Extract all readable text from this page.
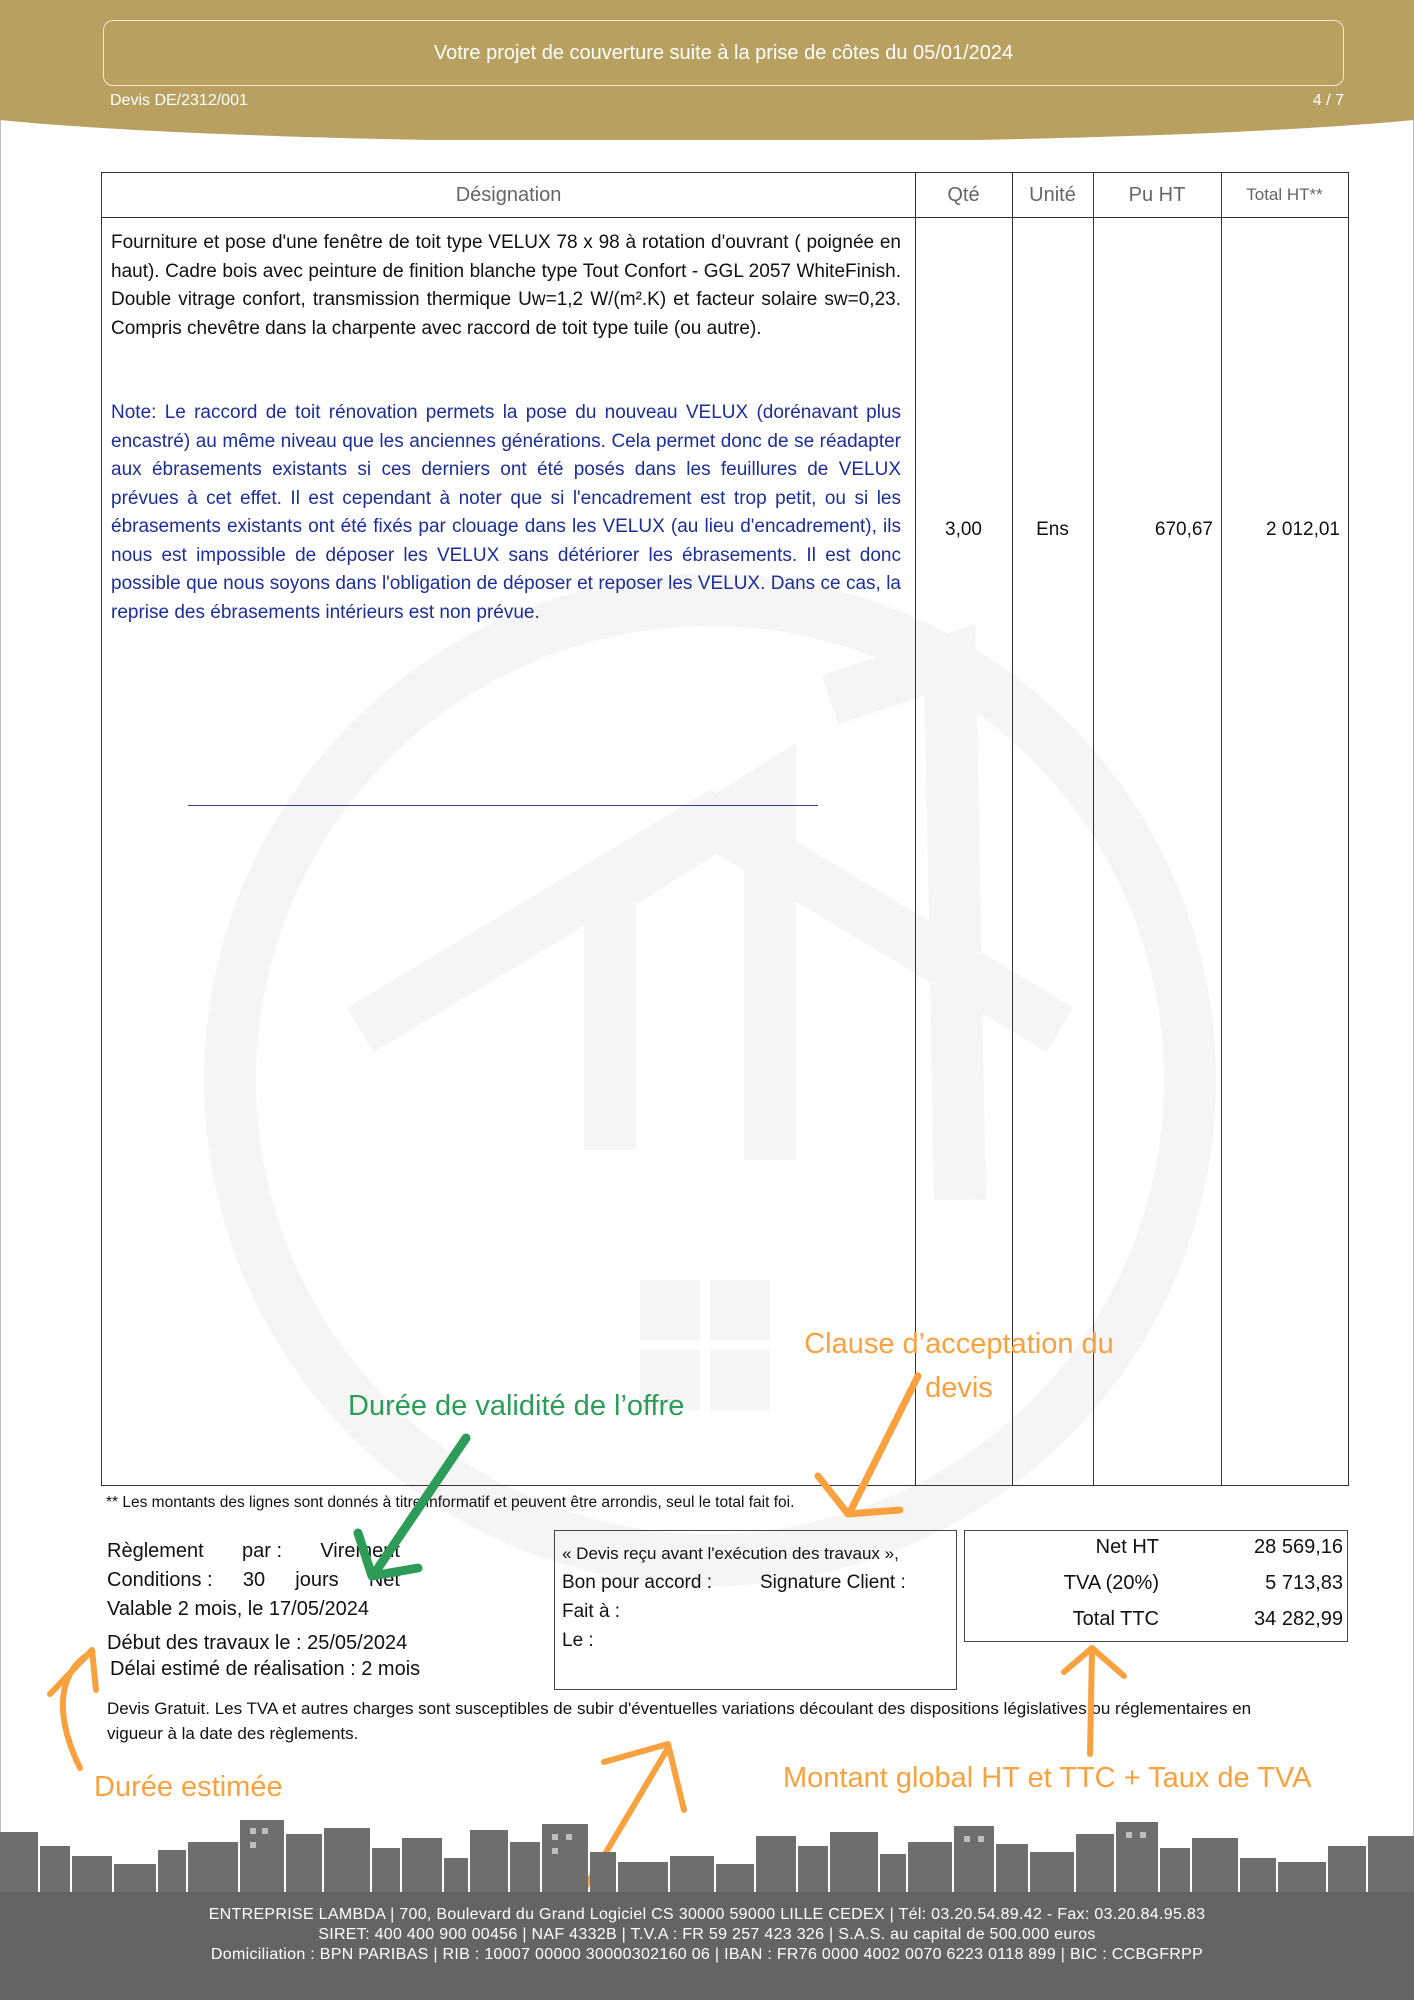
Votre projet de couverture suite à la prise de côtes du 05/01/2024
Devis DE/2312/001	4 / 7
Désignation	Qté	Unité	Pu HT	Total HT**
Fourniture et pose d'une fenêtre de toit type VELUX 78 x 98 à rotation d'ouvrant ( poignée en haut). Cadre bois avec peinture de finition blanche type Tout Confort - GGL 2057 WhiteFinish. Double vitrage confort, transmission thermique Uw=1,2 W/(m².K) et facteur solaire sw=0,23. Compris chevêtre dans la charpente avec raccord de toit type tuile (ou autre).
Note: Le raccord de toit rénovation permets la pose du nouveau VELUX (dorénavant plus encastré) au même niveau que les anciennes générations. Cela permet donc de se réadapter aux ébrasements existants si ces derniers ont été posés dans les feuillures de VELUX prévues à cet effet. Il est cependant à noter que si l'encadrement est trop petit, ou si les ébrasements existants ont été fixés par clouage dans les VELUX (au lieu d'encadrement), ils nous est impossible de déposer les VELUX sans détériorer les ébrasements. Il est donc possible que nous soyons dans l'obligation de déposer et reposer les VELUX. Dans ce cas, la reprise des ébrasements intérieurs est non prévue.
3,00	Ens	670,67	2 012,01
** Les montants des lignes sont donnés à titre informatif et peuvent être arrondis, seul le total fait foi.
Règlement par : Virement
Conditions : 30 jours Net
Valable 2 mois, le 17/05/2024
Début des travaux le : 25/05/2024
Délai estimé de réalisation : 2 mois
« Devis reçu avant l'exécution des travaux »,
Bon pour accord :	Signature Client :
Fait à :
Le :
Net HT	28 569,16
TVA (20%)	5 713,83
Total TTC	34 282,99
Devis Gratuit. Les TVA et autres charges sont susceptibles de subir d'éventuelles variations découlant des dispositions législatives ou réglementaires en vigueur à la date des règlements.
Clause d’acceptation du
devis
Durée de validité de l’offre
Durée estimée	Montant global HT et TTC + Taux de TVA
ENTREPRISE LAMBDA | 700, Boulevard du Grand Logiciel CS 30000 59000 LILLE CEDEX | Tél: 03.20.54.89.42 - Fax: 03.20.84.95.83
SIRET: 400 400 900 00456 | NAF 4332B | T.V.A : FR 59 257 423 326 | S.A.S. au capital de 500.000 euros
Domiciliation : BPN PARIBAS | RIB : 10007 00000 30000302160 06 | IBAN : FR76 0000 4002 0070 6223 0118 899 | BIC : CCBGFRPP
